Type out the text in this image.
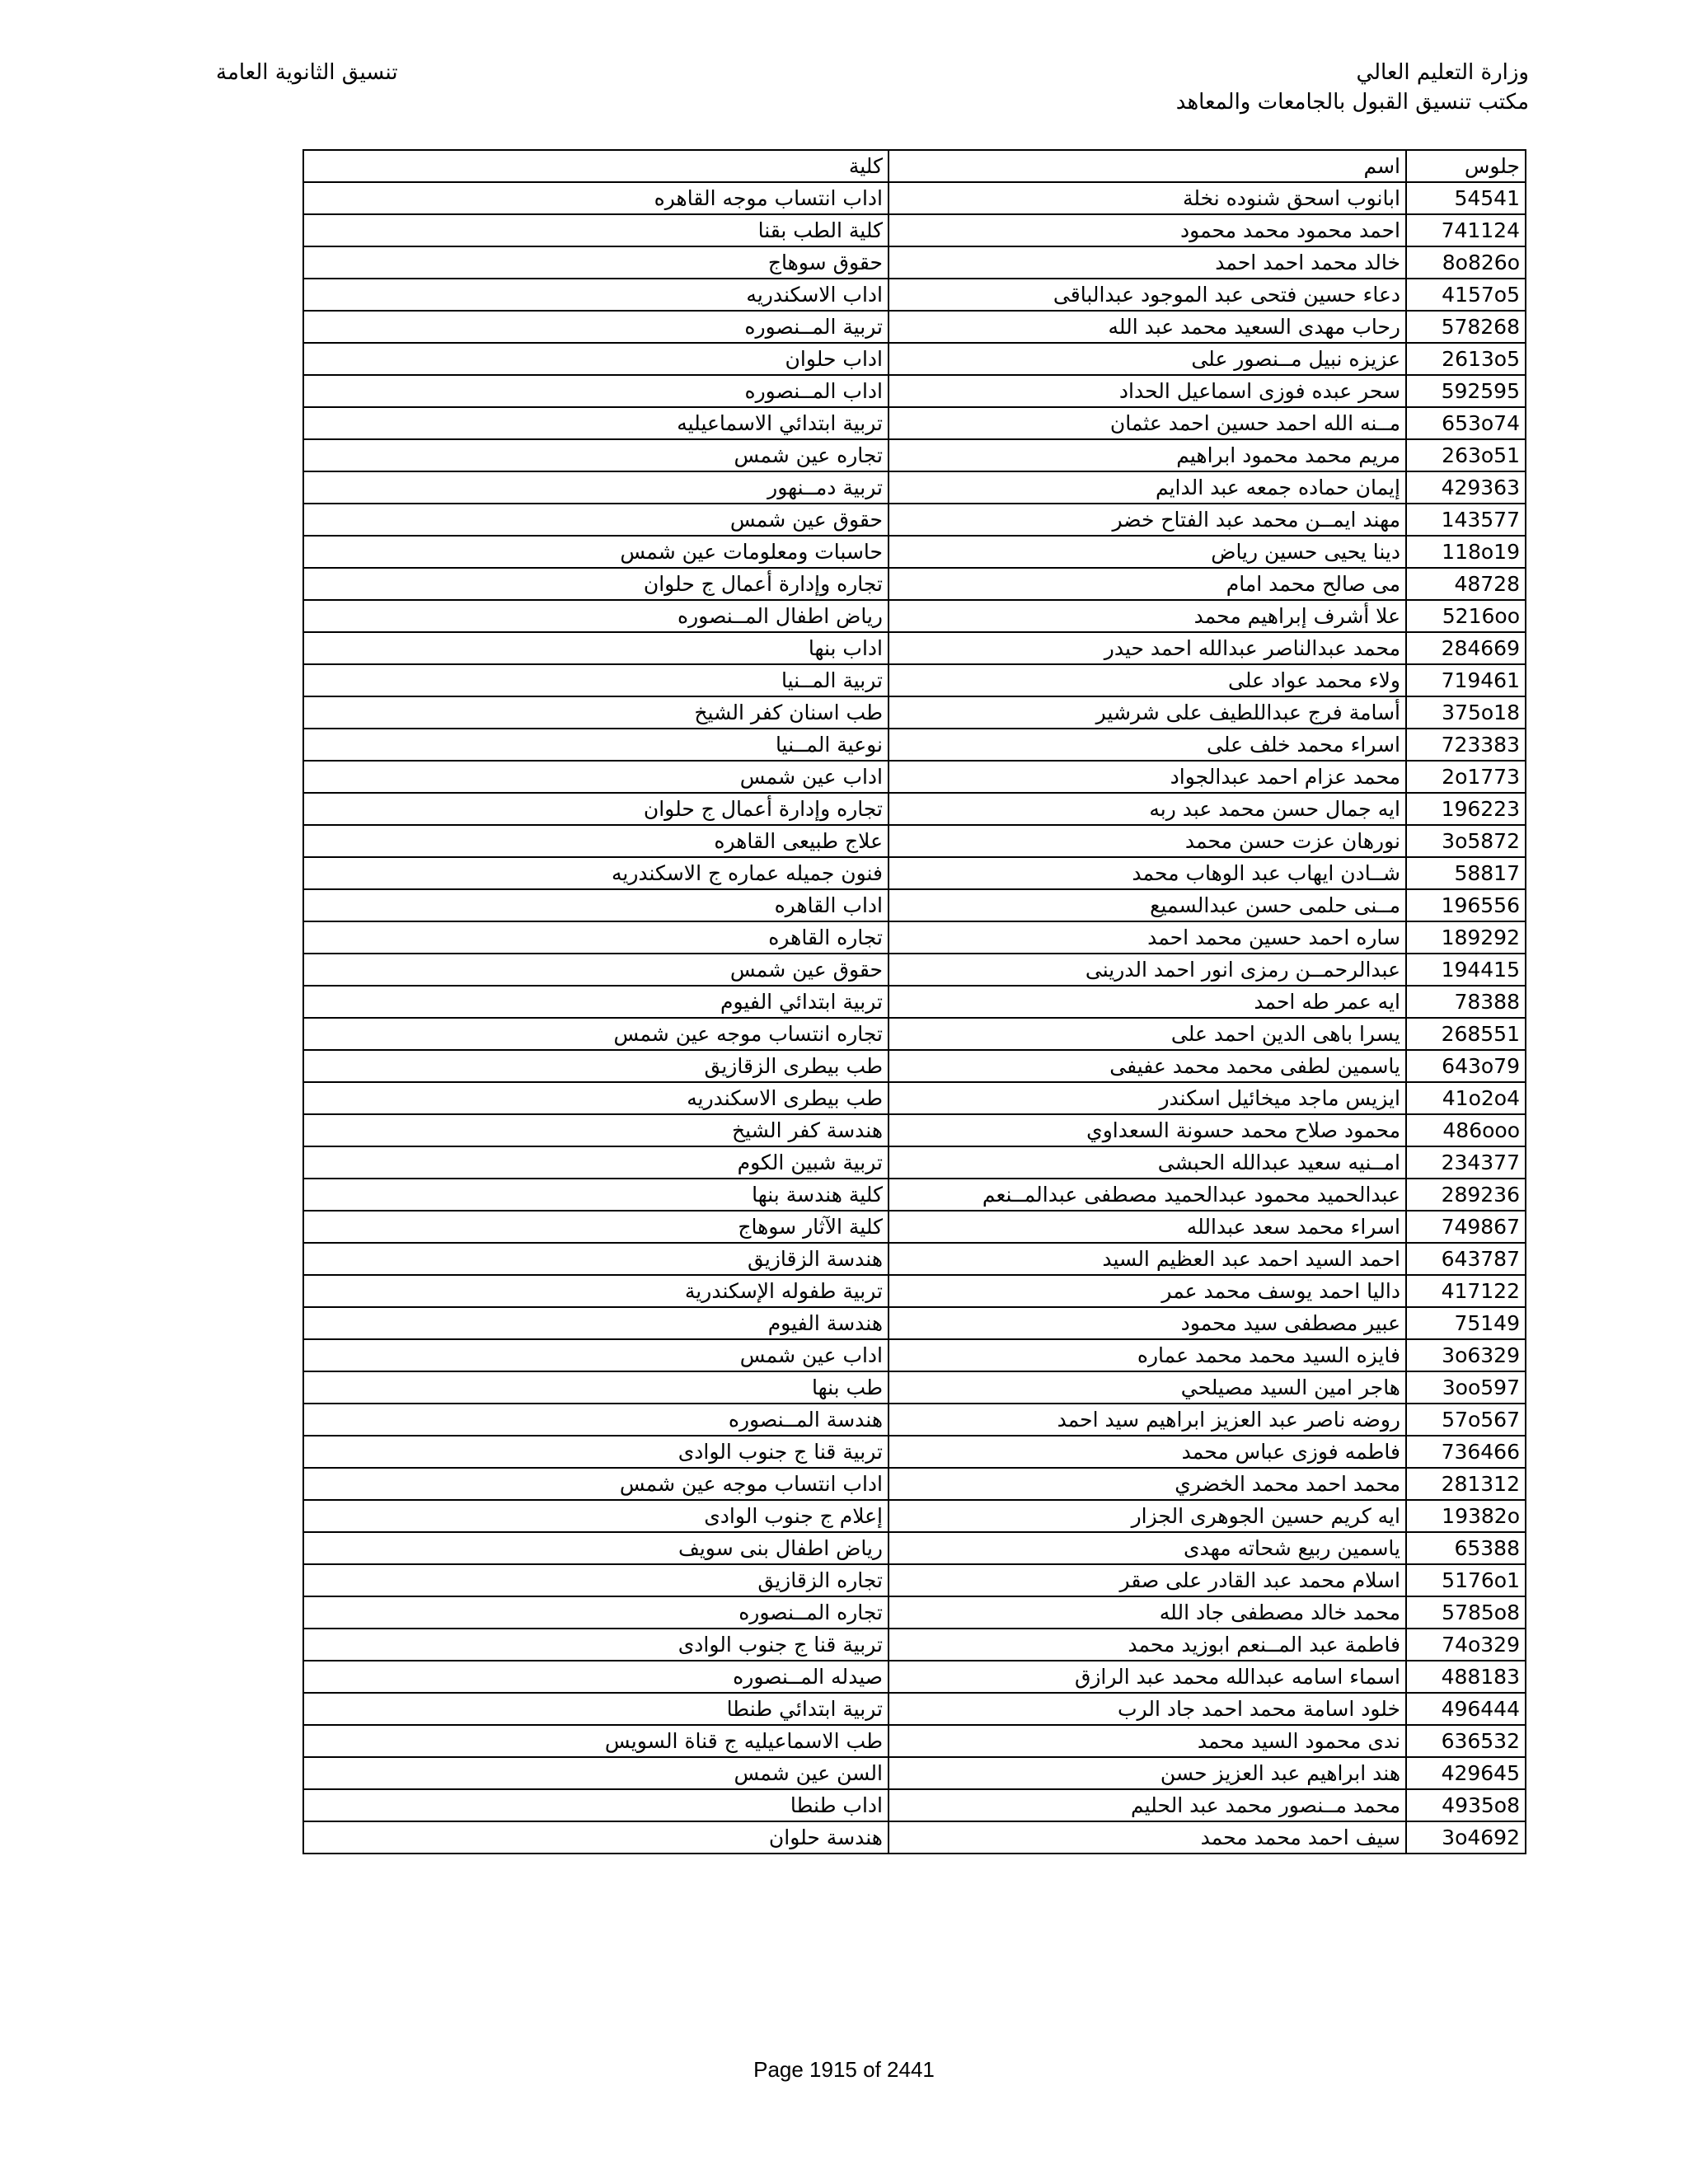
وزارة التعليم العالي
مكتب تنسيق القبول بالجامعات والمعاهد
تنسيق الثانوية العامة
جلوس	اسم	كلية
54541	ابانوب اسحق شنوده نخلة	اداب انتساب موجه القاهره
741124	احمد محمود محمد محمود	كلية الطب بقنا
8o826o	خالد محمد احمد احمد	حقوق سوهاج
4157o5	دعاء حسين فتحى عبد الموجود عبدالباقى	اداب الاسكندريه
578268	رحاب مهدى السعيد محمد عبد الله	تربية المــنصوره
2613o5	عزيزه نبيل مــنصور على	اداب حلوان
592595	سحر عبده فوزى اسماعيل الحداد	اداب المــنصوره
653o74	مــنه الله احمد حسين احمد عثمان	تربية ابتدائي الاسماعيليه
263o51	مريم محمد محمود ابراهيم	تجاره عين شمس
429363	إيمان حماده جمعه عبد الدايم	تربية دمــنهور
143577	مهند ايمــن محمد عبد الفتاح خضر	حقوق عين شمس
118o19	دينا يحيى حسين رياض	حاسبات ومعلومات عين شمس
48728	مى صالح محمد امام	تجاره وإدارة أعمال ج حلوان
5216oo	علا أشرف إبراهيم محمد	رياض اطفال المــنصوره
284669	محمد عبدالناصر عبدالله احمد حيدر	اداب بنها
719461	ولاء محمد عواد على	تربية المــنيا
375o18	أسامة فرج عبداللطيف على شرشير	طب اسنان كفر الشيخ
723383	اسراء محمد خلف على	نوعية المــنيا
2o1773	محمد عزام احمد عبدالجواد	اداب عين شمس
196223	ايه جمال حسن محمد عبد ربه	تجاره وإدارة أعمال ج حلوان
3o5872	نورهان عزت حسن محمد	علاج طبيعى القاهره
58817	شــادن ايهاب عبد الوهاب محمد	فنون جميله عماره ج الاسكندريه
196556	مــنى حلمى حسن عبدالسميع	اداب القاهره
189292	ساره احمد حسين محمد احمد	تجاره القاهره
194415	عبدالرحمــن رمزى انور احمد الدرينى	حقوق عين شمس
78388	ايه عمر طه احمد	تربية ابتدائي الفيوم
268551	يسرا باهى الدين احمد على	تجاره انتساب موجه عين شمس
643o79	ياسمين لطفى محمد محمد عفيفى	طب بيطرى الزقازيق
41o2o4	ايزيس ماجد ميخائيل اسكندر	طب بيطرى الاسكندريه
486ooo	محمود صلاح محمد حسونة السعداوي	هندسة كفر الشيخ
234377	امــنيه سعيد عبدالله الحبشى	تربية شبين الكوم
289236	عبدالحميد محمود عبدالحميد مصطفى عبدالمــنعم	كلية هندسة بنها
749867	اسراء محمد سعد عبدالله	كلية الآثار سوهاج
643787	احمد السيد احمد عبد العظيم السيد	هندسة الزقازيق
417122	داليا احمد يوسف محمد عمر	تربية طفوله الإسكندرية
75149	عبير مصطفى سيد محمود	هندسة الفيوم
3o6329	فايزه السيد محمد محمد عماره	اداب عين شمس
3oo597	هاجر امين السيد مصيلحي	طب بنها
57o567	روضه ناصر عبد العزيز ابراهيم سيد احمد	هندسة المــنصوره
736466	فاطمه فوزى عباس محمد	تربية قنا ج جنوب الوادى
281312	محمد احمد محمد الخضري	اداب انتساب موجه عين شمس
19382o	ايه كريم حسين الجوهرى الجزار	إعلام ج جنوب الوادى
65388	ياسمين ربيع شحاته مهدى	رياض اطفال بنى سويف
5176o1	اسلام محمد عبد القادر على صقر	تجاره الزقازيق
5785o8	محمد خالد مصطفى جاد الله	تجاره المــنصوره
74o329	فاطمة عبد المــنعم ابوزيد محمد	تربية قنا ج جنوب الوادى
488183	اسماء اسامه عبدالله محمد عبد الرازق	صيدله المــنصوره
496444	خلود اسامة محمد احمد جاد الرب	تربية ابتدائي طنطا
636532	ندى محمود السيد محمد	طب الاسماعيليه ج قناة السويس
429645	هند ابراهيم عبد العزيز حسن	السن عين شمس
4935o8	محمد مــنصور محمد عبد الحليم	اداب طنطا
3o4692	سيف احمد محمد محمد	هندسة حلوان
Page 1915 of 2441
